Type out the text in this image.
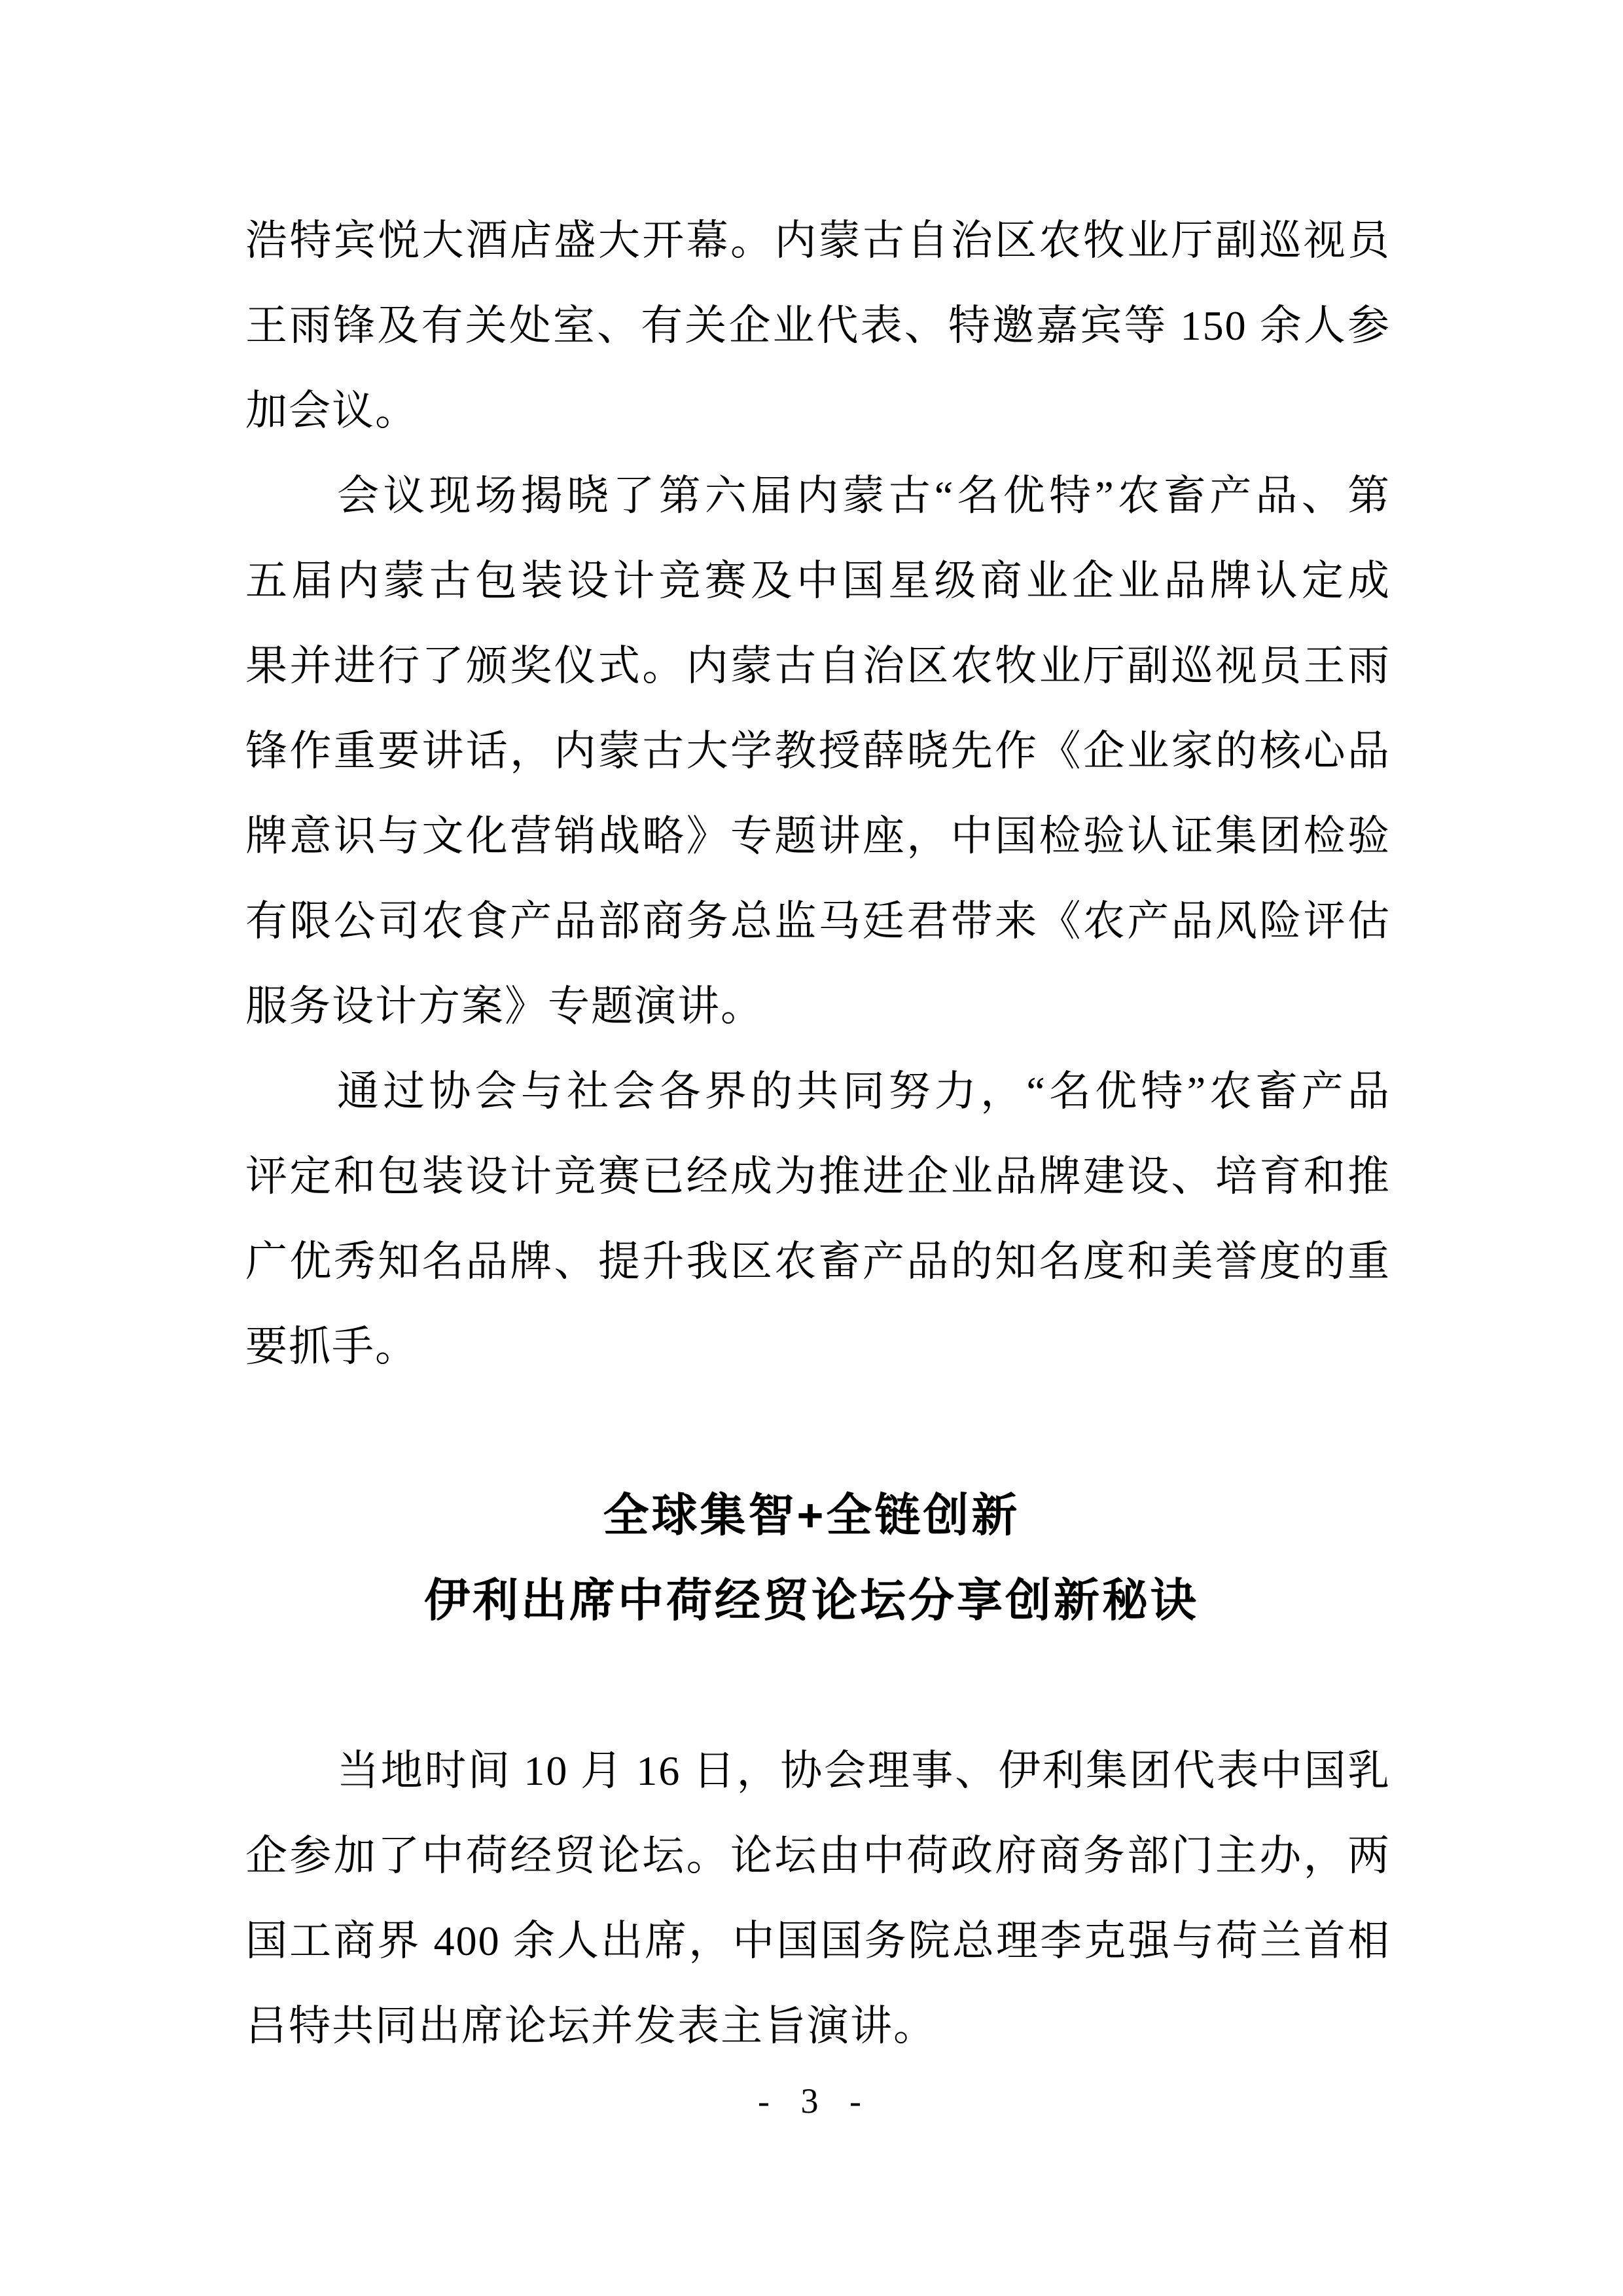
浩特宾悦大酒店盛大开幕。内蒙古自治区农牧业厅副巡视员
王雨锋及有关处室、有关企业代表、特邀嘉宾等 150 余人参
加会议。
会议现场揭晓了第六届内蒙古“名优特”农畜产品、第
五届内蒙古包装设计竞赛及中国星级商业企业品牌认定成
果并进行了颁奖仪式。内蒙古自治区农牧业厅副巡视员王雨
锋作重要讲话，内蒙古大学教授薛晓先作《企业家的核心品
牌意识与文化营销战略》专题讲座，中国检验认证集团检验
有限公司农食产品部商务总监马廷君带来《农产品风险评估
服务设计方案》专题演讲。
通过协会与社会各界的共同努力，“名优特”农畜产品
评定和包装设计竞赛已经成为推进企业品牌建设、培育和推
广优秀知名品牌、提升我区农畜产品的知名度和美誉度的重
要抓手。
全球集智+全链创新
伊利出席中荷经贸论坛分享创新秘诀
当地时间 10 月 16 日，协会理事、伊利集团代表中国乳
企参加了中荷经贸论坛。论坛由中荷政府商务部门主办，两
国工商界 400 余人出席，中国国务院总理李克强与荷兰首相
吕特共同出席论坛并发表主旨演讲。
- 3 -
